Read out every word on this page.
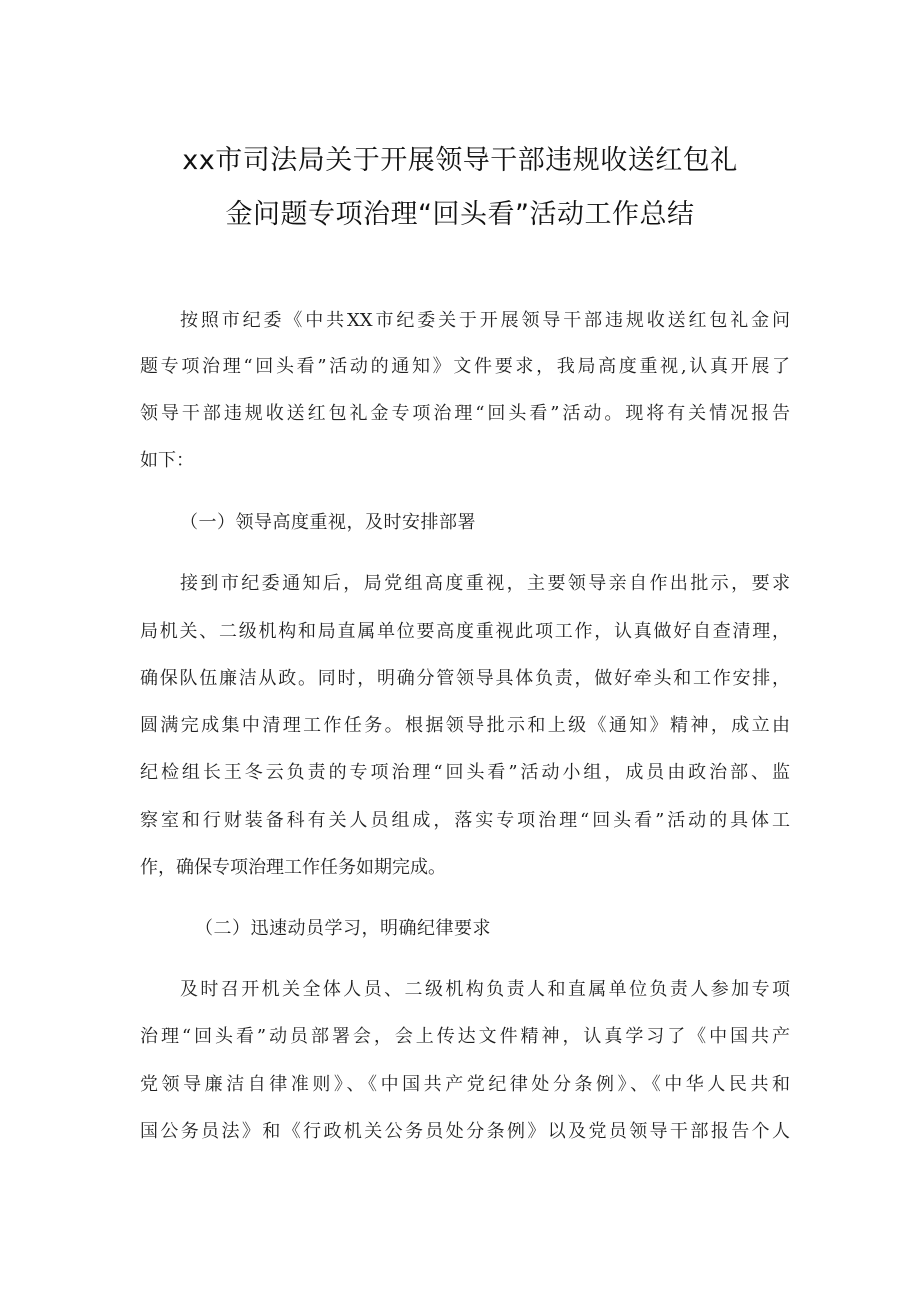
xx市司法局关于开展领导干部违规收送红包礼
金问题专项治理“回头看”活动工作总结
按照市纪委《中共XX市纪委关于开展领导干部违规收送红包礼金问
题专项治理“回头看”活动的通知》文件要求，我局高度重视,认真开展了
领导干部违规收送红包礼金专项治理“回头看”活动。现将有关情况报告
如下：
（一）领导高度重视，及时安排部署
接到市纪委通知后，局党组高度重视，主要领导亲自作出批示，要求
局机关、二级机构和局直属单位要高度重视此项工作，认真做好自查清理，
确保队伍廉洁从政。同时，明确分管领导具体负责，做好牵头和工作安排，
圆满完成集中清理工作任务。根据领导批示和上级《通知》精神，成立由
纪检组长王冬云负责的专项治理“回头看”活动小组，成员由政治部、监
察室和行财装备科有关人员组成，落实专项治理“回头看”活动的具体工
作，确保专项治理工作任务如期完成。
（二）迅速动员学习，明确纪律要求
及时召开机关全体人员、二级机构负责人和直属单位负责人参加专项
治理“回头看”动员部署会，会上传达文件精神，认真学习了《中国共产
党领导廉洁自律准则》、《中国共产党纪律处分条例》、《中华人民共和
国公务员法》和《行政机关公务员处分条例》以及党员领导干部报告个人
